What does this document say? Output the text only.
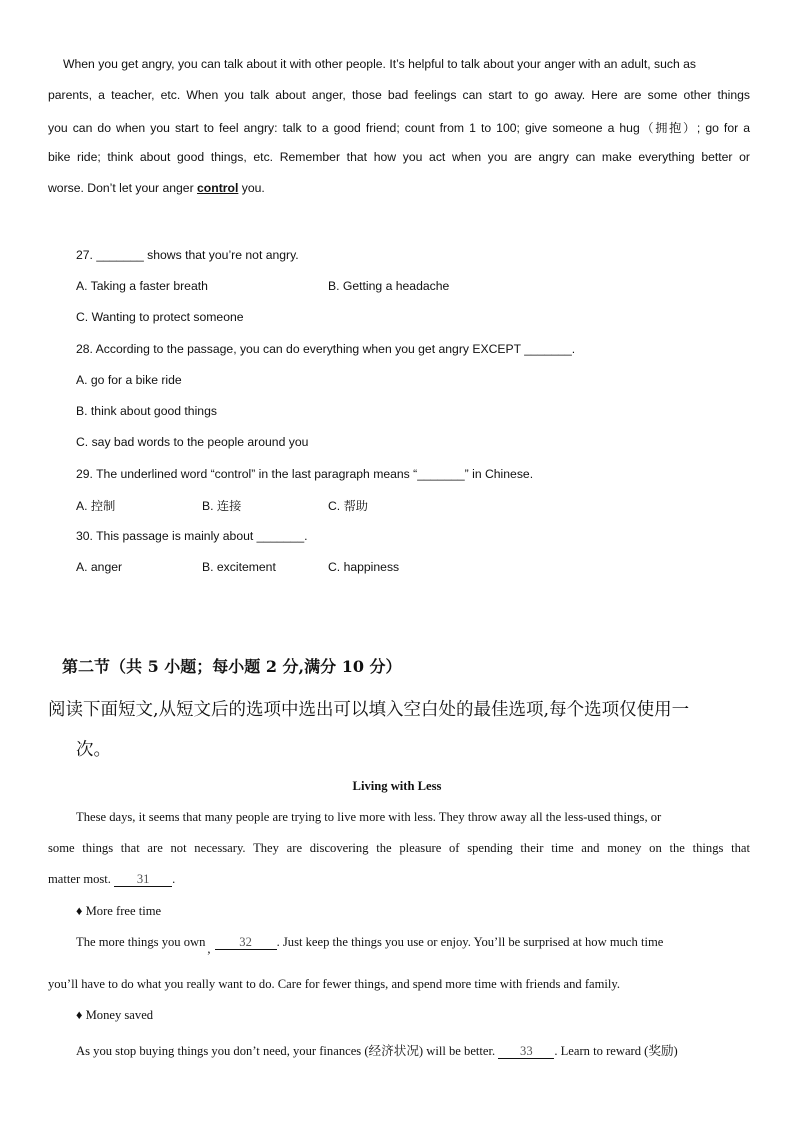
When you get angry, you can talk about it with other people. It’s helpful to talk about your anger with an adult, such as
parents, a teacher, etc. When you talk about anger, those bad feelings can start to go away. Here are some other things
you can do when you start to feel angry: talk to a good friend; count from 1 to 100; give someone a hug（拥抱）; go for a
bike ride; think about good things, etc. Remember that how you act when you are angry can make everything better or
worse. Don’t let your anger control you.
27. _______ shows that you’re not angry.
A. Taking a faster breath	B. Getting a headache
C. Wanting to protect someone
28. According to the passage, you can do everything when you get angry EXCEPT _______.
A. go for a bike ride
B. think about good things
C. say bad words to the people around you
29. The underlined word “control” in the last paragraph means “_______” in Chinese.
A. 控制	B. 连接	C. 帮助
30. This passage is mainly about _______.
A. anger	B. excitement	C. happiness
第二节（共 5 小题；每小题 2 分,满分 10 分）
阅读下面短文,从短文后的选项中选出可以填入空白处的最佳选项,每个选项仅使用一
次。
Living with Less
These days, it seems that many people are trying to live more with less. They throw away all the less-used things, or
some things that are not necessary. They are discovering the pleasure of spending their time and money on the things that
matter most. 31 .
♦ More free time
The more things you own , 32 . Just keep the things you use or enjoy. You’ll be surprised at how much time
you’ll have to do what you really want to do. Care for fewer things, and spend more time with friends and family.
♦ Money saved
As you stop buying things you don’t need, your finances (经济状况) will be better. 33 . Learn to reward (奖励)
